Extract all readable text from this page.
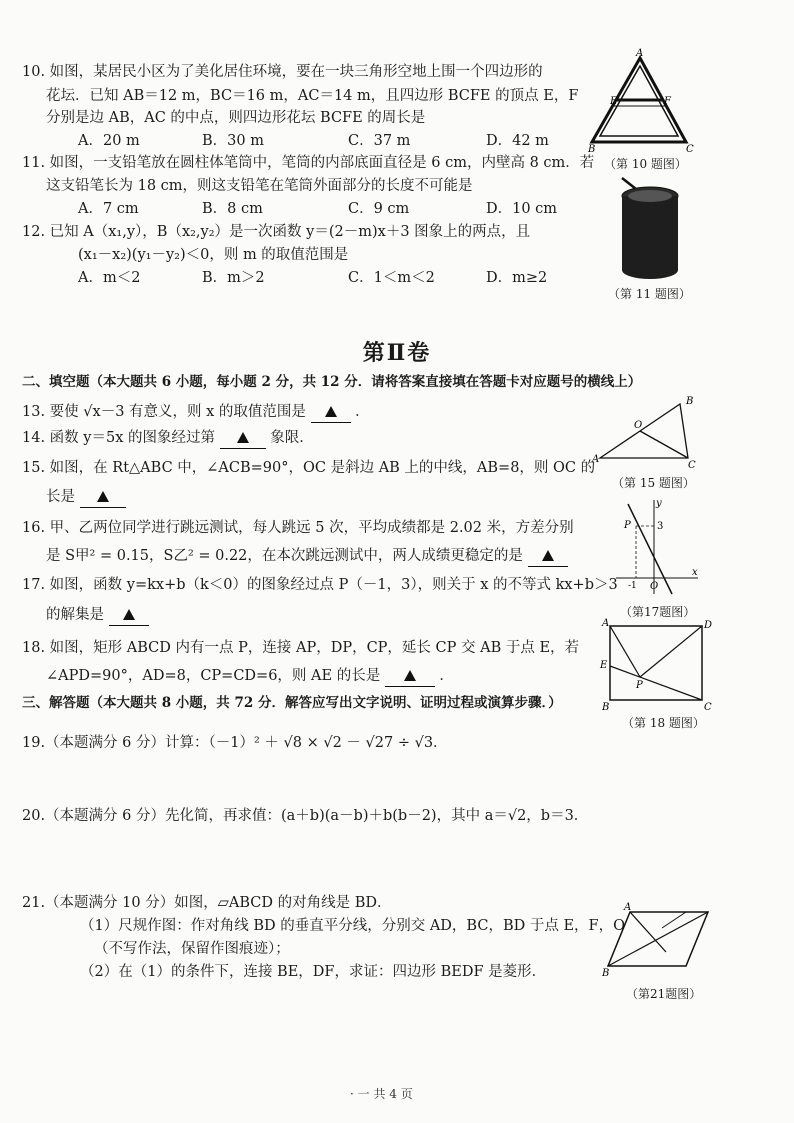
10. 如图，某居民小区为了美化居住环境，要在一块三角形空地上围一个四边形的
花坛．已知 AB＝12 m，BC＝16 m，AC＝14 m，且四边形 BCFE 的顶点 E，F
分别是边 AB，AC 的中点，则四边形花坛 BCFE 的周长是
A．20 m	B．30 m	C．37 m	D．42 m
A
E	F
B	C
（第 10 题图）
11. 如图，一支铅笔放在圆柱体笔筒中，笔筒的内部底面直径是 6 cm，内壁高 8 cm．若
这支铅笔长为 18 cm，则这支铅笔在笔筒外面部分的长度不可能是
A．7 cm	B．8 cm	C．9 cm	D．10 cm
（第 11 题图）
12. 已知 A（x₁,y），B（x₂,y₂）是一次函数 y＝(2－m)x＋3 图象上的两点，且
(x₁－x₂)(y₁－y₂)＜0，则 m 的取值范围是
A．m＜2	B．m＞2	C．1＜m＜2	D．m≥2
第Ⅱ卷
二、填空题（本大题共 6 小题，每小题 2 分，共 12 分．请将答案直接填在答题卡对应题号的横线上）
13. 要使 √x－3 有意义，则 x 的取值范围是	．
14. 函数 y＝5x 的图象经过第	象限．
15. 如图，在 Rt△ABC 中，∠ACB=90°，OC 是斜边 AB 上的中线，AB=8，则 OC 的
长是
B
O
A
C
（第 15 题图）
16. 甲、乙两位同学进行跳远测试，每人跳远 5 次，平均成绩都是 2.02 米，方差分别
是 S甲² = 0.15，S乙² = 0.22，在本次跳远测试中，两人成绩更稳定的是
17. 如图，函数 y=kx+b（k＜0）的图象经过点 P（－1，3），则关于 x 的不等式 kx+b＞3
的解集是
y
P	3
-1 O
x
（第17题图）
18. 如图，矩形 ABCD 内有一点 P，连接 AP，DP，CP，延长 CP 交 AB 于点 E，若
∠APD=90°，AD=8，CP=CD=6，则 AE 的长是	．
A	D
E
P
B	C
（第 18 题图）
三、解答题（本大题共 8 小题，共 72 分．解答应写出文字说明、证明过程或演算步骤．）
19.（本题满分 6 分）计算：（－1）² ＋ √8 × √2 － √27 ÷ √3．
20.（本题满分 6 分）先化简，再求值：(a＋b)(a－b)＋b(b－2)，其中 a＝√2，b＝3．
21.（本题满分 10 分）如图，▱ABCD 的对角线是 BD．
（1）尺规作图：作对角线 BD 的垂直平分线，分别交 AD，BC，BD 于点 E，F，O
（不写作法，保留作图痕迹）；
（2）在（1）的条件下，连接 BE，DF，求证：四边形 BEDF 是菱形．
A
B
（第21题图）
· 一 共 4 页
